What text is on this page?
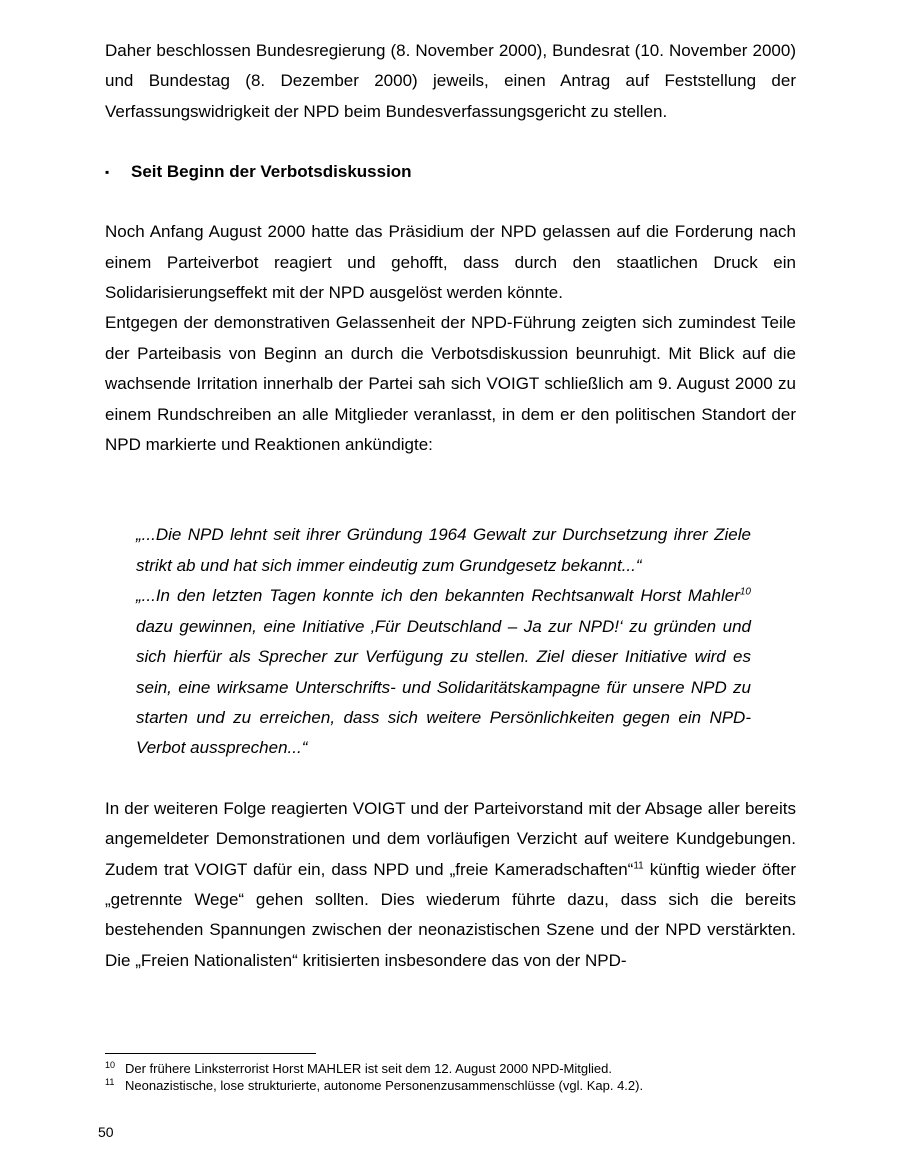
Daher beschlossen Bundesregierung (8. November 2000), Bundesrat (10. November 2000) und Bundestag (8. Dezember 2000) jeweils, einen Antrag auf Feststellung der Verfassungswidrigkeit der NPD beim Bundesverfassungsgericht zu stellen.

▪ Seit Beginn der Verbotsdiskussion

Noch Anfang August 2000 hatte das Präsidium der NPD gelassen auf die Forderung nach einem Parteiverbot reagiert und gehofft, dass durch den staatlichen Druck ein Solidarisierungseffekt mit der NPD ausgelöst werden könnte.

Entgegen der demonstrativen Gelassenheit der NPD-Führung zeigten sich zumindest Teile der Parteibasis von Beginn an durch die Verbotsdiskussion beunruhigt. Mit Blick auf die wachsende Irritation innerhalb der Partei sah sich VOIGT schließlich am 9. August 2000 zu einem Rundschreiben an alle Mitglieder veranlasst, in dem er den politischen Standort der NPD markierte und Reaktionen ankündigte:

„...Die NPD lehnt seit ihrer Gründung 1964 Gewalt zur Durchsetzung ihrer Ziele strikt ab und hat sich immer eindeutig zum Grundgesetz bekannt...“

„...In den letzten Tagen konnte ich den bekannten Rechtsanwalt Horst Mahler$^{10}$ dazu gewinnen, eine Initiative ‚Für Deutschland – Ja zur NPD!‘ zu gründen und sich hierfür als Sprecher zur Verfügung zu stellen. Ziel dieser Initiative wird es sein, eine wirksame Unterschrifts- und Solidaritätskampagne für unsere NPD zu starten und zu erreichen, dass sich weitere Persönlichkeiten gegen ein NPD-Verbot aussprechen...“

In der weiteren Folge reagierten VOIGT und der Parteivorstand mit der Absage aller bereits angemeldeter Demonstrationen und dem vorläufigen Verzicht auf weitere Kundgebungen. Zudem trat VOIGT dafür ein, dass NPD und „freie Kameradschaften“$^{11}$ künftig wieder öfter „getrennte Wege“ gehen sollten. Dies wiederum führte dazu, dass sich die bereits bestehenden Spannungen zwischen der neonazistischen Szene und der NPD verstärkten. Die „Freien Nationalisten“ kritisierten insbesondere das von der NPD-

10 Der frühere Linksterrorist Horst MAHLER ist seit dem 12. August 2000 NPD-Mitglied.
11 Neonazistische, lose strukturierte, autonome Personenzusammenschlüsse (vgl. Kap. 4.2).
50
